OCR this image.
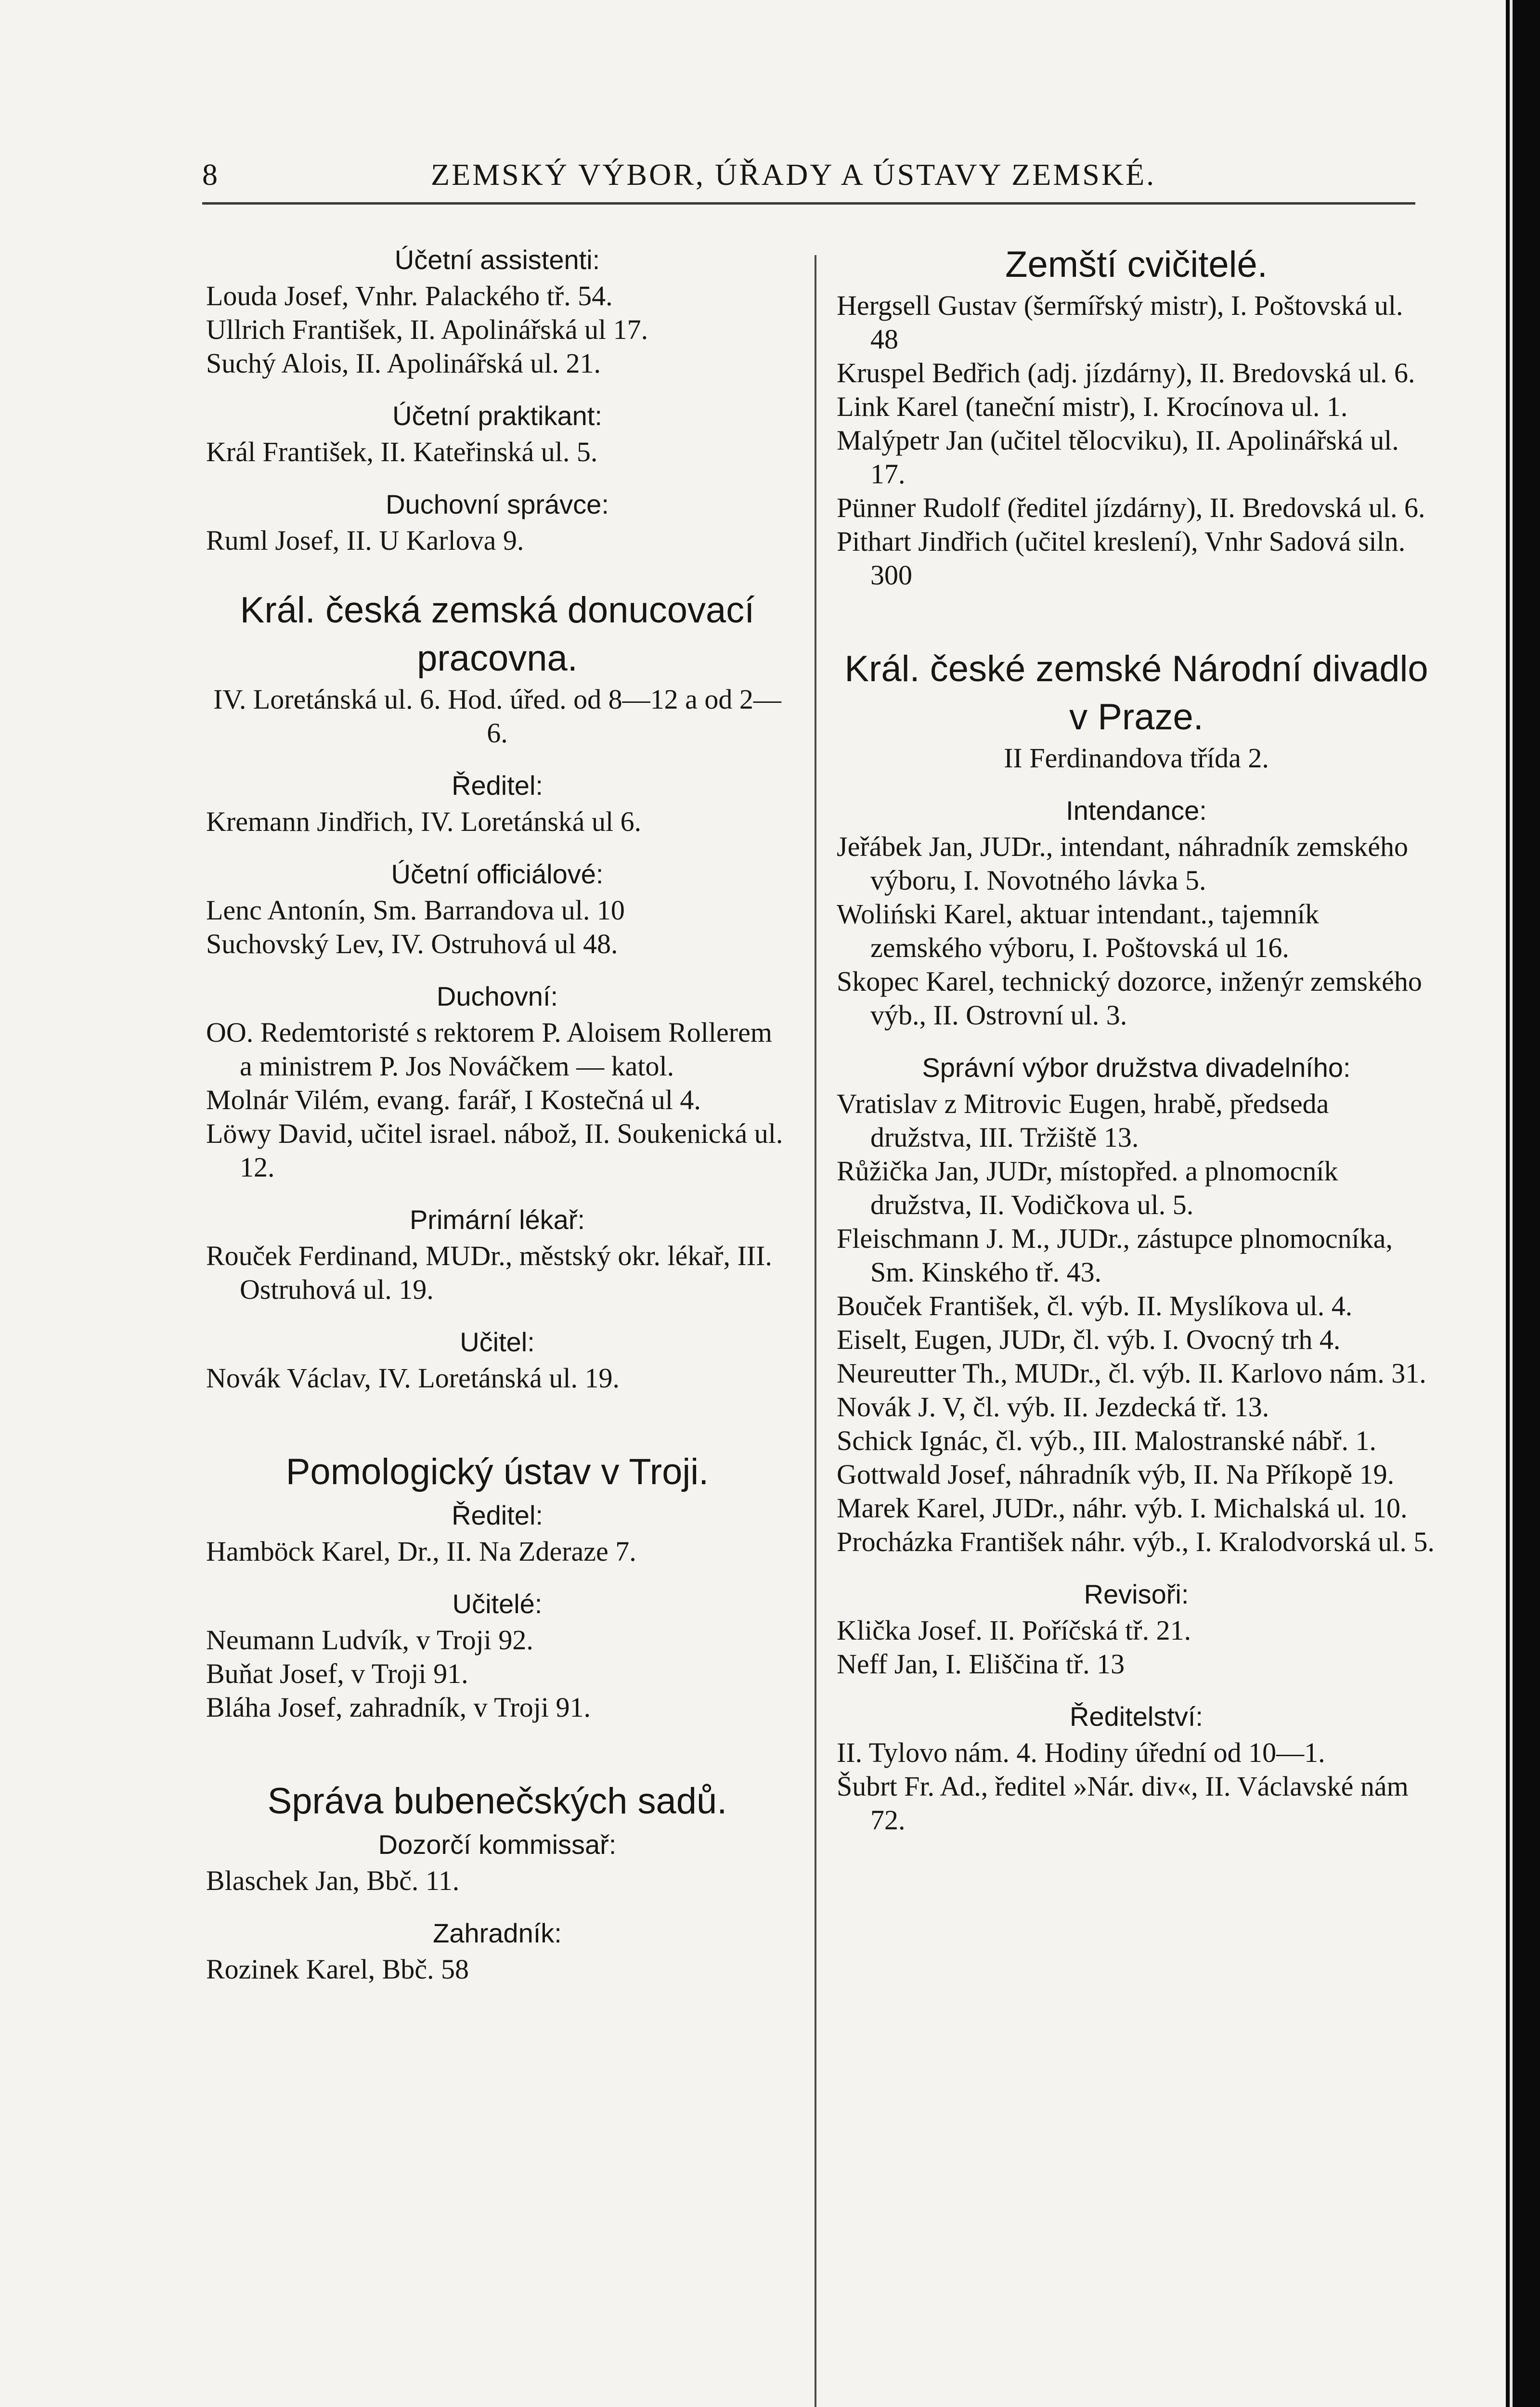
8	ZEMSKÝ VÝBOR, ÚŘADY A ÚSTAVY ZEMSKÉ.

Účetní assistenti:

Louda Josef, Vnhr. Palackého tř. 54.

Ullrich František, II. Apolinářská ul 17.

Suchý Alois, II. Apolinářská ul. 21.

Účetní praktikant:

Král František, II. Kateřinská ul. 5.

Duchovní správce:

Ruml Josef, II. U Karlova 9.

Král. česká zemská donucovací pracovna.

IV. Loretánská ul. 6. Hod. úřed. od 8—12 a od 2—6.

Ředitel:

Kremann Jindřich, IV. Loretánská ul 6.

Účetní officiálové:

Lenc Antonín, Sm. Barrandova ul. 10

Suchovský Lev, IV. Ostruhová ul 48.

Duchovní:

OO. Redemtoristé s rektorem P. Aloisem Rollerem a ministrem P. Jos Nováčkem — katol.

Molnár Vilém, evang. farář, I Kostečná ul 4.

Löwy David, učitel israel. nábož, II. Soukenická ul. 12.

Primární lékař:

Rouček Ferdinand, MUDr., městský okr. lékař, III. Ostruhová ul. 19.

Učitel:

Novák Václav, IV. Loretánská ul. 19.

Pomologický ústav v Troji.

Ředitel:

Hamböck Karel, Dr., II. Na Zderaze 7.

Učitelé:

Neumann Ludvík, v Troji 92.

Buňat Josef, v Troji 91.

Bláha Josef, zahradník, v Troji 91.

Správa bubenečských sadů.

Dozorčí kommissař:

Blaschek Jan, Bbč. 11.

Zahradník:

Rozinek Karel, Bbč. 58

Zemští cvičitelé.

Hergsell Gustav (šermířský mistr), I. Poštovská ul. 48

Kruspel Bedřich (adj. jízdárny), II. Bredovská ul. 6.

Link Karel (taneční mistr), I. Krocínova ul. 1.

Malýpetr Jan (učitel tělocviku), II. Apolinářská ul. 17.

Pünner Rudolf (ředitel jízdárny), II. Bredovská ul. 6.

Pithart Jindřich (učitel kreslení), Vnhr Sadová siln. 300

Král. české zemské Národní divadlo v Praze.

II Ferdinandova třída 2.

Intendance:

Jeřábek Jan, JUDr., intendant, náhradník zemského výboru, I. Novotného lávka 5.

Woliński Karel, aktuar intendant., tajemník zemského výboru, I. Poštovská ul 16.

Skopec Karel, technický dozorce, inženýr zemského výb., II. Ostrovní ul. 3.

Správní výbor družstva divadelního:

Vratislav z Mitrovic Eugen, hrabě, předseda družstva, III. Tržiště 13.

Růžička Jan, JUDr, místopřed. a plnomocník družstva, II. Vodičkova ul. 5.

Fleischmann J. M., JUDr., zástupce plnomocníka, Sm. Kinského tř. 43.

Bouček František, čl. výb. II. Myslíkova ul. 4.

Eiselt, Eugen, JUDr, čl. výb. I. Ovocný trh 4.

Neureutter Th., MUDr., čl. výb. II. Karlovo nám. 31.

Novák J. V, čl. výb. II. Jezdecká tř. 13.

Schick Ignác, čl. výb., III. Malostranské nábř. 1.

Gottwald Josef, náhradník výb, II. Na Příkopě 19.

Marek Karel, JUDr., náhr. výb. I. Michalská ul. 10.

Procházka František náhr. výb., I. Kralodvorská ul. 5.

Revisoři:

Klička Josef. II. Poříčská tř. 21.

Neff Jan, I. Eliščina tř. 13

Ředitelství:

II. Tylovo nám. 4. Hodiny úřední od 10—1.

Šubrt Fr. Ad., ředitel »Nár. div«, II. Václavské nám 72.
